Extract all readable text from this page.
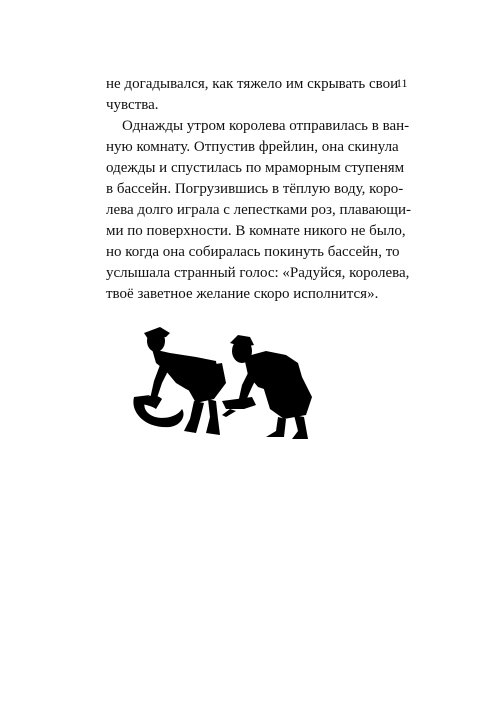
11
не догадывался, как тяжело им скрывать свои
чувства.
Однажды утром королева отправилась в ван-
ную комнату. Отпустив фрейлин, она скинула
одежды и спустилась по мраморным ступеням
в бассейн. Погрузившись в тёплую воду, коро-
лева долго играла с лепестками роз, плавающи-
ми по поверхности. В комнате никого не было,
но когда она собиралась покинуть бассейн, то
услышала странный голос: «Радуйся, королева,
твоё заветное желание скоро исполнится».
